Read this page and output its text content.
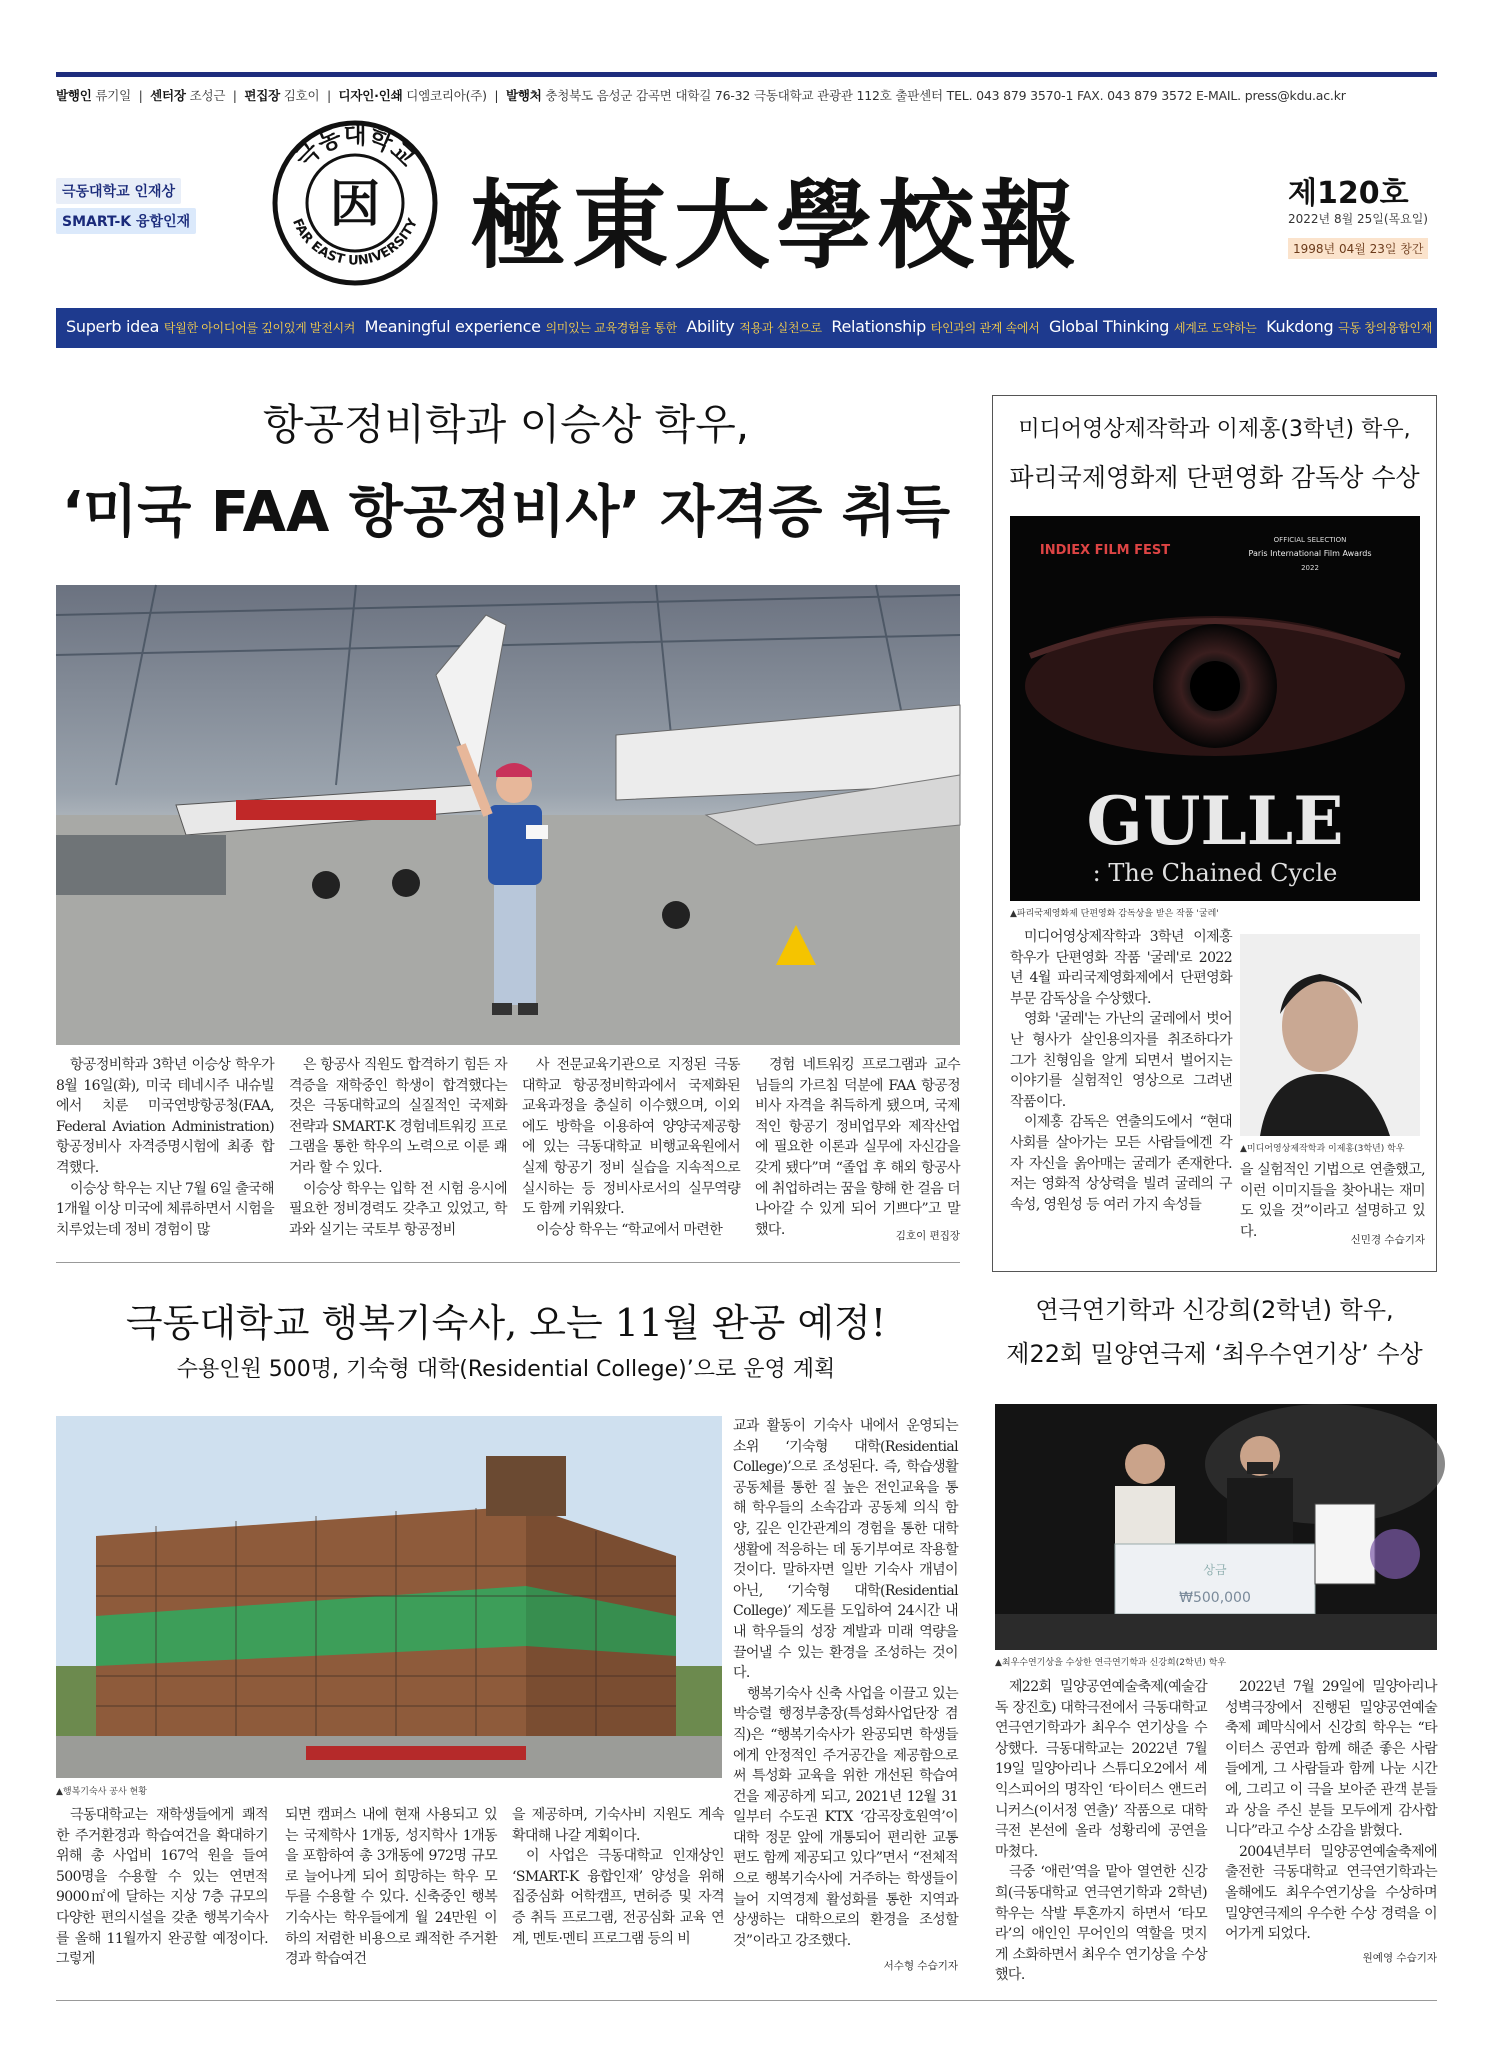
발행인 류기일  |  센터장 조성근  |  편집장 김호이  |  디자인·인쇄 디엠코리아(주)  |  발행처 충청북도 음성군 감곡면 대학길 76-32 극동대학교 관광관 112호 출판센터 TEL. 043 879 3570-1 FAX. 043 879 3572 E-MAIL. press@kdu.ac.kr
극동대학교 인재상
SMART-K 융합인재
극동대학교
FAR EAST UNIVERSITY
因 極東大學校報	제120호
2022년 8월 25일(목요일)
1998년 04월 23일 창간
Superb idea 탁월한 아이디어를 깊이있게 발전시켜 Meaningful experience 의미있는 교육경험을 통한 Ability 적용과 실천으로 Relationship 타인과의 관계 속에서 Global Thinking 세계로 도약하는 Kukdong 극동 창의융합인재
항공정비학과 이승상 학우,
‘미국 FAA 항공정비사’ 자격증 취득

항공정비학과 3학년 이승상 학우가 8월 16일(화), 미국 테네시주 내슈빌에서 치룬 미국연방항공청(FAA, Federal Aviation Administration) 항공정비사 자격증명시험에 최종 합격했다.

이승상 학우는 지난 7월 6일 출국해 1개월 이상 미국에 체류하면서 시험을 치루었는데 정비 경험이 많

은 항공사 직원도 합격하기 힘든 자격증을 재학중인 학생이 합격했다는 것은 극동대학교의 실질적인 국제화 전략과 SMART-K 경험네트워킹 프로그램을 통한 학우의 노력으로 이룬 쾌거라 할 수 있다.

이승상 학우는 입학 전 시험 응시에 필요한 정비경력도 갖추고 있었고, 학과와 실기는 국토부 항공정비

사 전문교육기관으로 지정된 극동대학교 항공정비학과에서 국제화된 교육과정을 충실히 이수했으며, 이외에도 방학을 이용하여 양양국제공항에 있는 극동대학교 비행교육원에서 실제 항공기 정비 실습을 지속적으로 실시하는 등 정비사로서의 실무역량도 함께 키워왔다.

이승상 학우는 “학교에서 마련한

경험 네트워킹 프로그램과 교수님들의 가르침 덕분에 FAA 항공정비사 자격을 취득하게 됐으며, 국제적인 항공기 정비업무와 제작산업에 필요한 이론과 실무에 자신감을 갖게 됐다”며 “졸업 후 해외 항공사에 취업하려는 꿈을 향해 한 걸음 더 나아갈 수 있게 되어 기쁘다”고 말했다.	김호이 편집장
미디어영상제작학과 이제홍(3학년) 학우,
파리국제영화제 단편영화 감독상 수상
INDIEX FILM FEST
OFFICIAL SELECTION
Paris International Film Awards
2022
GULLE
: The Chained Cycle
▲파리국제영화제 단편영화 감독상을 받은 작품 '굴레'

미디어영상제작학과 3학년 이제홍 학우가 단편영화 작품 '굴레'로 2022년 4월 파리국제영화제에서 단편영화부문 감독상을 수상했다.

영화 '굴레'는 가난의 굴레에서 벗어난 형사가 살인용의자를 취조하다가 그가 친형임을 알게 되면서 벌어지는 이야기를 실험적인 영상으로 그려낸 작품이다.

이제홍 감독은 연출의도에서 “현대사회를 살아가는 모든 사람들에겐 각자 자신을 옭아매는 굴레가 존재한다. 저는 영화적 상상력을 빌려 굴레의 구속성, 영원성 등 여러 가지 속성들

▲미디어영상제작학과 이제홍(3학년) 학우

을 실험적인 기법으로 연출했고, 이런 이미지들을 찾아내는 재미도 있을 것”이라고 설명하고 있다.

신민경 수습기자
극동대학교 행복기숙사, 오는 11월 완공 예정!
수용인원 500명, 기숙형 대학(Residential College)’으로 운영 계획
▲행복기숙사 공사 현황

교과 활동이 기숙사 내에서 운영되는 소위 ‘기숙형 대학(Residential College)’으로 조성된다. 즉, 학습생활공동체를 통한 질 높은 전인교육을 통해 학우들의 소속감과 공동체 의식 함양, 깊은 인간관계의 경험을 통한 대학생활에 적응하는 데 동기부여로 작용할 것이다. 말하자면 일반 기숙사 개념이 아닌, ‘기숙형 대학(Residential College)’ 제도를 도입하여 24시간 내내 학우들의 성장 계발과 미래 역량을 끌어낼 수 있는 환경을 조성하는 것이다.

행복기숙사 신축 사업을 이끌고 있는 박승렬 행정부총장(특성화사업단장 겸직)은 “행복기숙사가 완공되면 학생들에게 안정적인 주거공간을 제공함으로써 특성화 교육을 위한 개선된 학습여건을 제공하게 되고, 2021년 12월 31일부터 수도권 KTX ‘감곡장호원역’이 대학 정문 앞에 개통되어 편리한 교통편도 함께 제공되고 있다”면서 “전체적으로 행복기숙사에 거주하는 학생들이 늘어 지역경제 활성화를 통한 지역과 상생하는 대학으로의 환경을 조성할 것”이라고 강조했다.

극동대학교는 재학생들에게 쾌적한 주거환경과 학습여건을 확대하기 위해 총 사업비 167억 원을 들여 500명을 수용할 수 있는 연면적 9000㎡에 달하는 지상 7층 규모의 다양한 편의시설을 갖춘 행복기숙사를 올해 11월까지 완공할 예정이다. 그렇게

되면 캠퍼스 내에 현재 사용되고 있는 국제학사 1개동, 성지학사 1개동을 포함하여 총 3개동에 972명 규모로 늘어나게 되어 희망하는 학우 모두를 수용할 수 있다. 신축중인 행복기숙사는 학우들에게 월 24만원 이하의 저렴한 비용으로 쾌적한 주거환경과 학습여건

을 제공하며, 기숙사비 지원도 계속 확대해 나갈 계획이다.

이 사업은 극동대학교 인재상인 ‘SMART-K 융합인재’ 양성을 위해 집중심화 어학캠프, 면허증 및 자격증 취득 프로그램, 전공심화 교육 연계, 멘토·멘티 프로그램 등의 비

서수형 수습기자
연극연기학과 신강희(2학년) 학우,
제22회 밀양연극제 ‘최우수연기상’ 수상
상금
₩500,000
▲최우수연기상을 수상한 연극연기학과 신강희(2학년) 학우

제22회 밀양공연예술축제(예술감독 장진호) 대학극전에서 극동대학교 연극연기학과가 최우수 연기상을 수상했다. 극동대학교는 2022년 7월 19일 밀양아리나 스튜디오2에서 셰익스피어의 명작인 ‘타이터스 앤드러니커스(이서정 연출)’ 작품으로 대학극전 본선에 올라 성황리에 공연을 마쳤다.

극중 ‘애런’역을 맡아 열연한 신강희(극동대학교 연극연기학과 2학년) 학우는 삭발 투혼까지 하면서 ‘타모라’의 애인인 무어인의 역할을 멋지게 소화하면서 최우수 연기상을 수상했다.

2022년 7월 29일에 밀양아리나 성벽극장에서 진행된 밀양공연예술축제 폐막식에서 신강희 학우는 “타이터스 공연과 함께 해준 좋은 사람들에게, 그 사람들과 함께 나눈 시간에, 그리고 이 극을 보아준 관객 분들과 상을 주신 분들 모두에게 감사합니다”라고 수상 소감을 밝혔다.

2004년부터 밀양공연예술축제에 출전한 극동대학교 연극연기학과는 올해에도 최우수연기상을 수상하며 밀양연극제의 우수한 수상 경력을 이어가게 되었다.

원예영 수습기자
